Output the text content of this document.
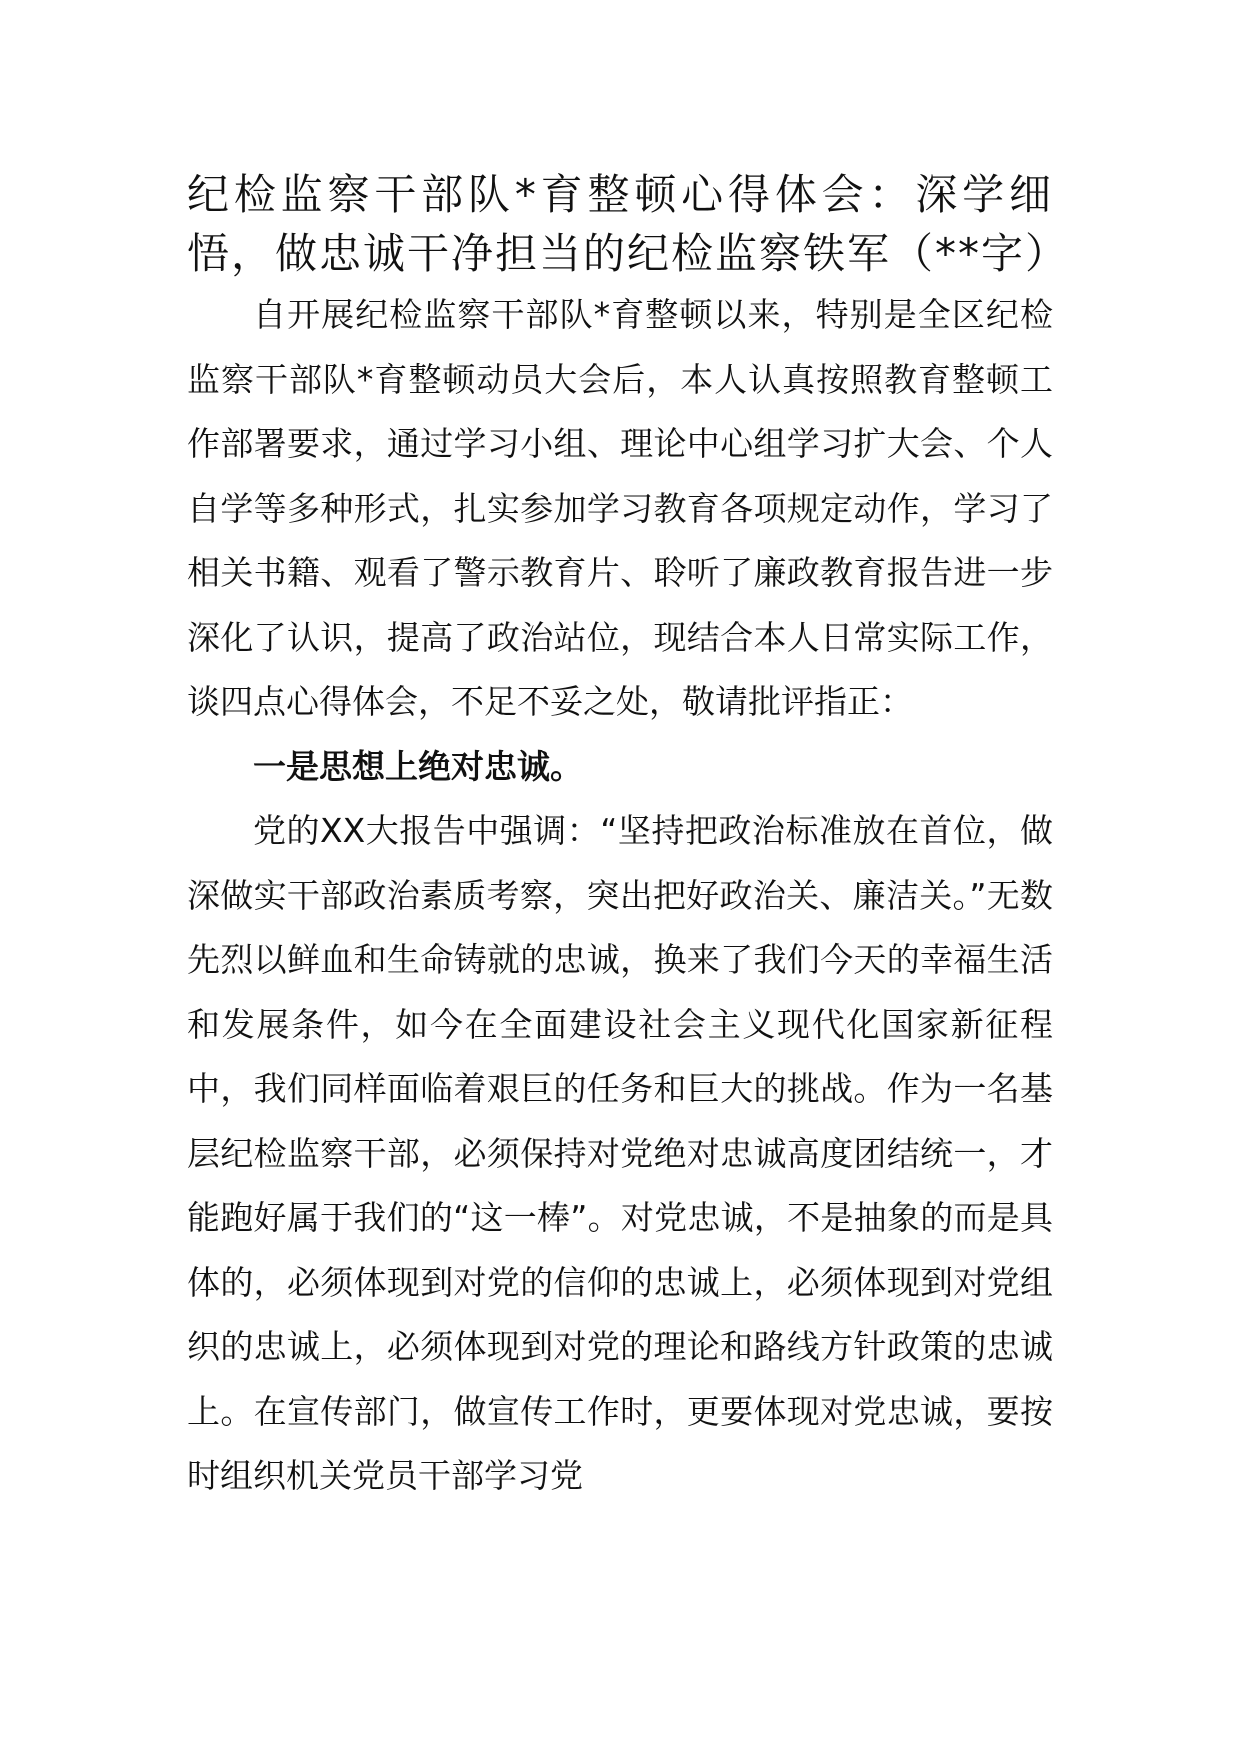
纪检监察干部队*育整顿心得体会：深学细悟，做忠诚干净担当的纪检监察铁军（**字）

自开展纪检监察干部队*育整顿以来，特别是全区纪检监察干部队*育整顿动员大会后，本人认真按照教育整顿工作部署要求，通过学习小组、理论中心组学习扩大会、个人自学等多种形式，扎实参加学习教育各项规定动作，学习了相关书籍、观看了警示教育片、聆听了廉政教育报告进一步深化了认识，提高了政治站位，现结合本人日常实际工作，谈四点心得体会，不足不妥之处，敬请批评指正：

一是思想上绝对忠诚。

党的XX大报告中强调：“坚持把政治标准放在首位，做深做实干部政治素质考察，突出把好政治关、廉洁关。”无数先烈以鲜血和生命铸就的忠诚，换来了我们今天的幸福生活和发展条件，如今在全面建设社会主义现代化国家新征程中，我们同样面临着艰巨的任务和巨大的挑战。作为一名基层纪检监察干部，必须保持对党绝对忠诚高度团结统一，才能跑好属于我们的“这一棒”。对党忠诚，不是抽象的而是具体的，必须体现到对党的信仰的忠诚上，必须体现到对党组织的忠诚上，必须体现到对党的理论和路线方针政策的忠诚上。在宣传部门，做宣传工作时，更要体现对党忠诚，要按时组织机关党员干部学习党
